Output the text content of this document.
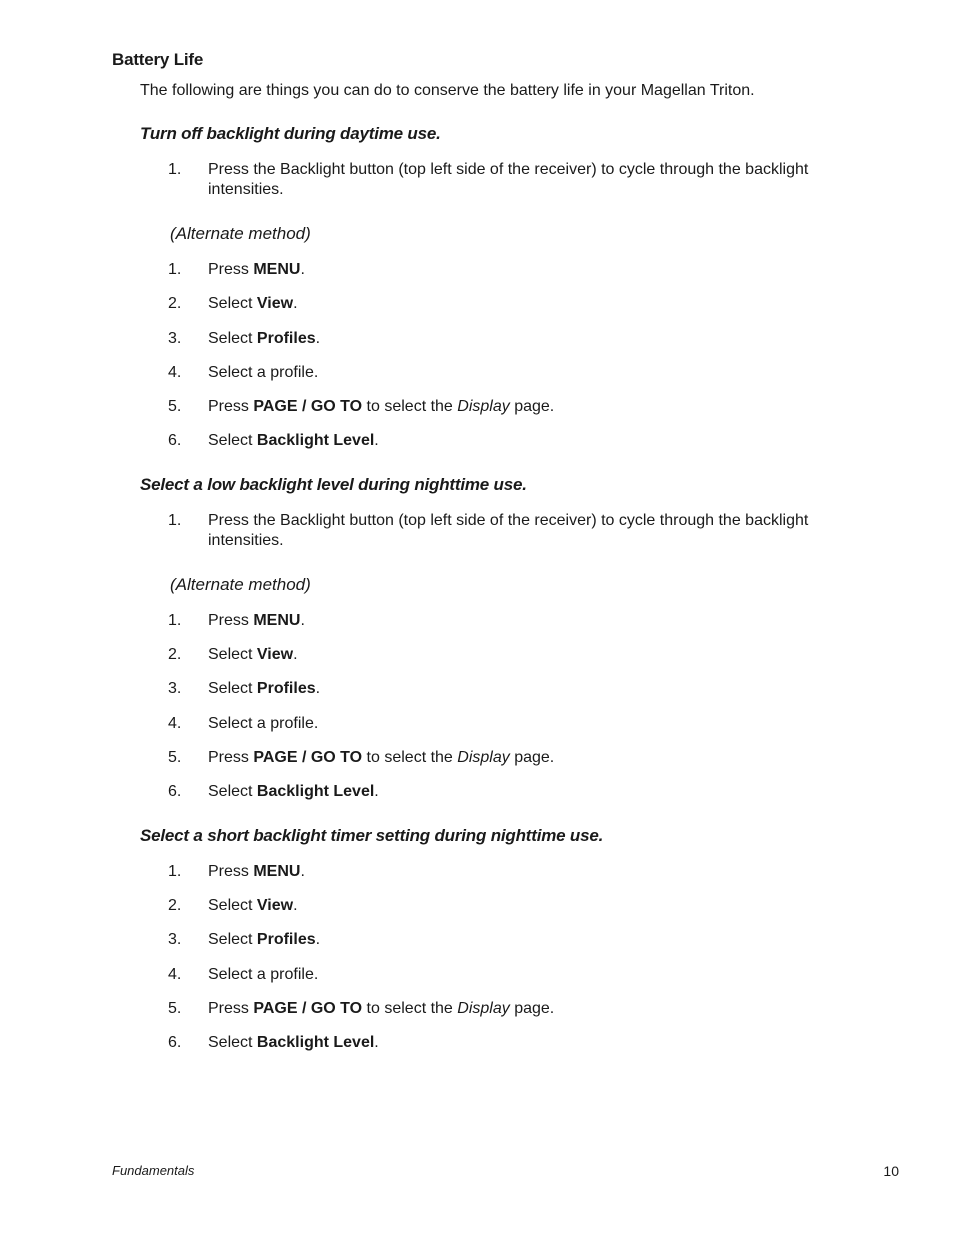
Battery Life
The following are things you can do to conserve the battery life in your Magellan Triton.
Turn off backlight during daytime use.
1. Press the Backlight button (top left side of the receiver) to cycle through the backlight intensities.
(Alternate method)
1. Press MENU.
2. Select View.
3. Select Profiles.
4. Select a profile.
5. Press PAGE / GO TO to select the Display page.
6. Select Backlight Level.
Select a low backlight level during nighttime use.
1. Press the Backlight button (top left side of the receiver) to cycle through the backlight intensities.
(Alternate method)
1. Press MENU.
2. Select View.
3. Select Profiles.
4. Select a profile.
5. Press PAGE / GO TO to select the Display page.
6. Select Backlight Level.
Select a short backlight timer setting during nighttime use.
1. Press MENU.
2. Select View.
3. Select Profiles.
4. Select a profile.
5. Press PAGE / GO TO to select the Display page.
6. Select Backlight Level.
Fundamentals	10
